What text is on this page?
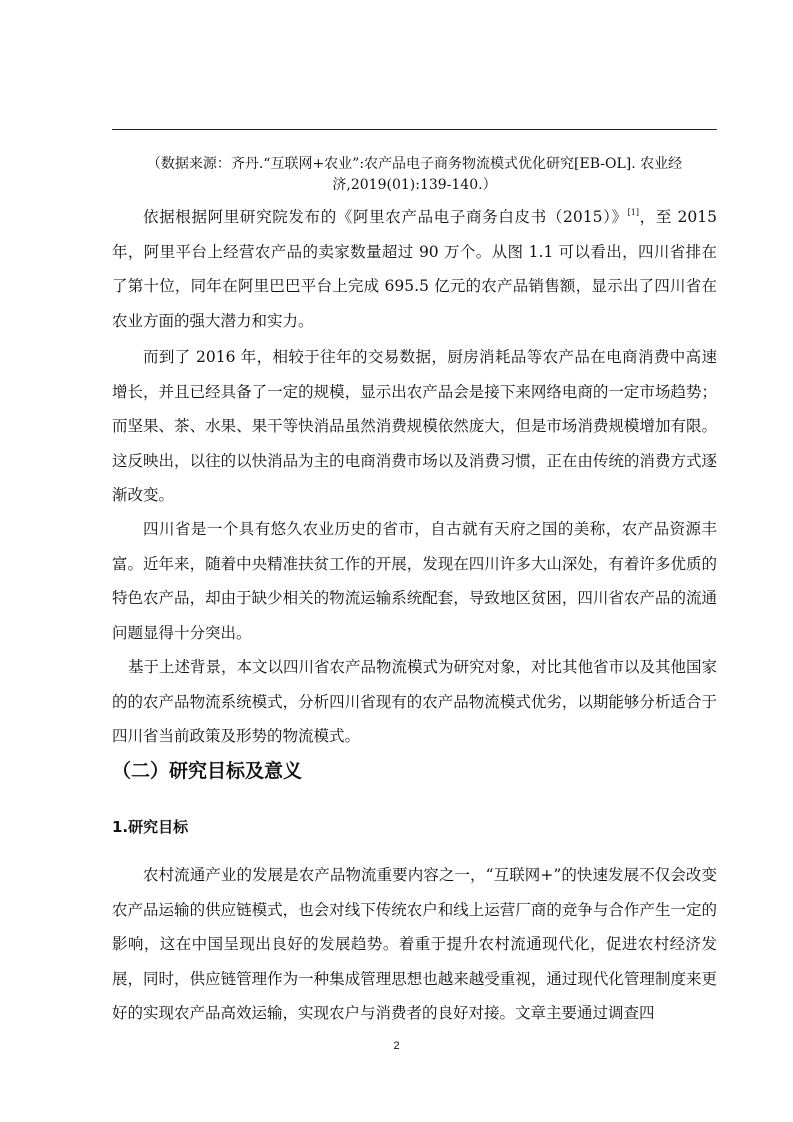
（数据来源：齐丹.“互联网+农业”:农产品电子商务物流模式优化研究[EB-OL]. 农业经济,2019(01):139-140.）

依据根据阿里研究院发布的《阿里农产品电子商务白皮书（2015）》[1]，至 2015 年，阿里平台上经营农产品的卖家数量超过 90 万个。从图 1.1 可以看出，四川省排在了第十位，同年在阿里巴巴平台上完成 695.5 亿元的农产品销售额，显示出了四川省在农业方面的强大潜力和实力。

而到了 2016 年，相较于往年的交易数据，厨房消耗品等农产品在电商消费中高速增长，并且已经具备了一定的规模，显示出农产品会是接下来网络电商的一定市场趋势；而坚果、茶、水果、果干等快消品虽然消费规模依然庞大，但是市场消费规模增加有限。这反映出，以往的以快消品为主的电商消费市场以及消费习惯，正在由传统的消费方式逐渐改变。

四川省是一个具有悠久农业历史的省市，自古就有天府之国的美称，农产品资源丰富。近年来，随着中央精准扶贫工作的开展，发现在四川许多大山深处，有着许多优质的特色农产品，却由于缺少相关的物流运输系统配套，导致地区贫困，四川省农产品的流通问题显得十分突出。

基于上述背景，本文以四川省农产品物流模式为研究对象，对比其他省市以及其他国家的的农产品物流系统模式，分析四川省现有的农产品物流模式优劣，以期能够分析适合于四川省当前政策及形势的物流模式。

（二）研究目标及意义
1.研究目标

农村流通产业的发展是农产品物流重要内容之一，“互联网+”的快速发展不仅会改变农产品运输的供应链模式，也会对线下传统农户和线上运营厂商的竞争与合作产生一定的影响，这在中国呈现出良好的发展趋势。着重于提升农村流通现代化，促进农村经济发展，同时，供应链管理作为一种集成管理思想也越来越受重视，通过现代化管理制度来更好的实现农产品高效运输，实现农户与消费者的良好对接。文章主要通过调查四

2
